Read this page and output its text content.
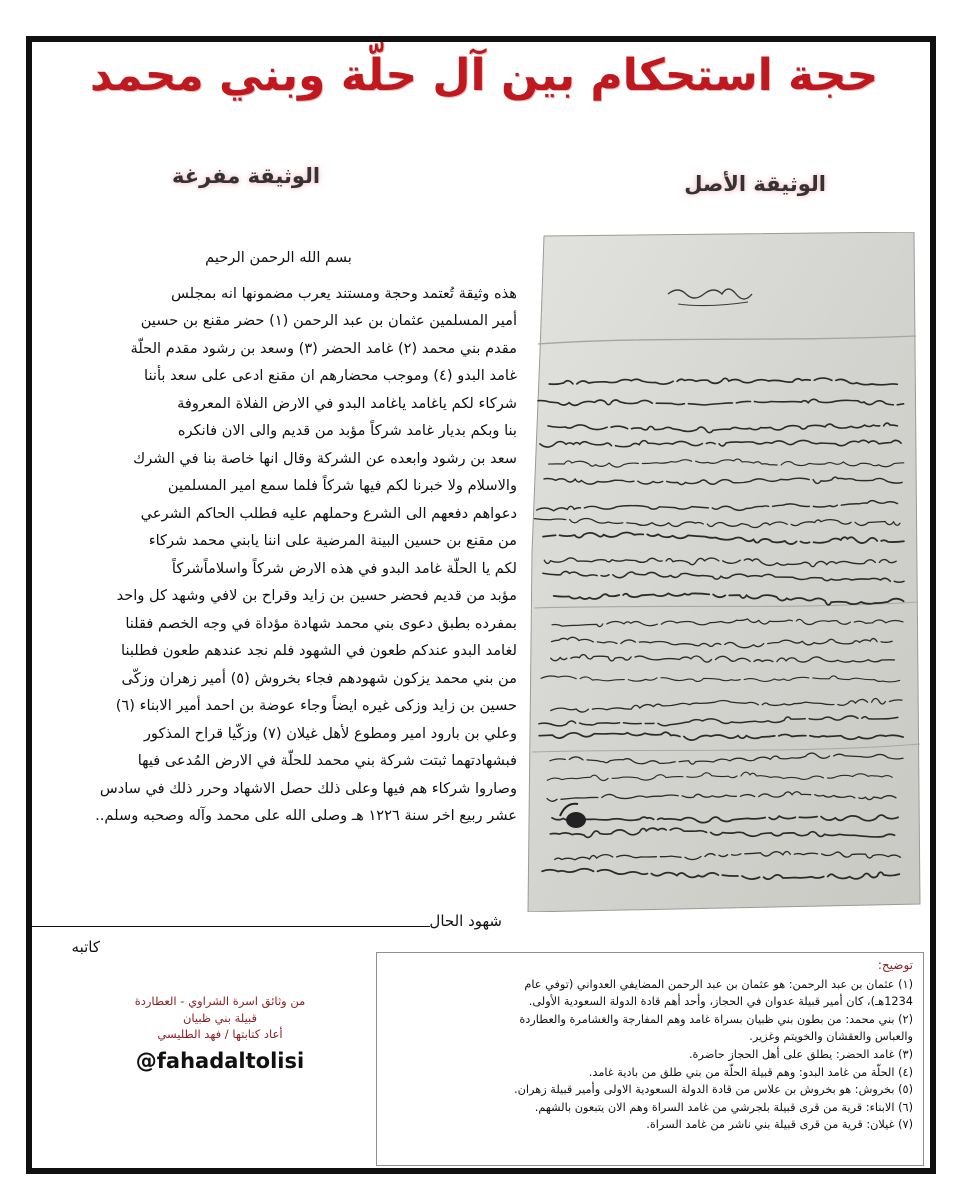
حجة استحكام بين آل حلّة وبني محمد
الوثيقة الأصل
الوثيقة مفرغة

بسم الله الرحمن الرحيم

هذه وثيقة تُعتمد وحجة ومستند يعرب مضمونها انه بمجلس

أمير المسلمين عثمان بن عبد الرحمن (١) حضر مقنع بن حسين

مقدم بني محمد (٢) غامد الحضر (٣) وسعد بن رشود مقدم الحلّة

غامد البدو (٤) وموجب محضارهم ان مقنع ادعى على سعد بأننا

شركاء لكم ياغامد ياغامد البدو في الارض الفلاة المعروفة

بنا وبكم بديار غامد شركاً مؤبد من قديم والى الان فانكره

سعد بن رشود وابعده عن الشركة وقال انها خاصة بنا في الشرك

والاسلام ولا خبرنا لكم فيها شركاً فلما سمع امير المسلمين

دعواهم دفعهم الى الشرع وحملهم عليه فطلب الحاكم الشرعي

من مقنع بن حسين البينة المرضية على اننا يابني محمد شركاء

لكم يا الحلّة غامد البدو في هذه الارض شركاً واسلاماًشركاً

مؤبد من قديم فحضر حسين بن زايد وقراح بن لافي وشهد كل واحد

بمفرده بطبق دعوى بني محمد شهادة مؤداة في وجه الخصم فقلنا

لغامد البدو عندكم طعون في الشهود فلم نجد عندهم طعون فطلبنا

من بني محمد يزكون شهودهم فجاء بخروش (٥) أمير زهران وزكّى

حسين بن زايد وزكى غيره ايضاً وجاء عوضة بن احمد أمير الابناء (٦)

وعلي بن بارود امير ومطوع لأهل غيلان (٧) وزكّيا قراح المذكور

فبشهادتهما ثبتت شركة بني محمد للحلّة في الارض المُدعى فيها

وصاروا شركاء هم فيها وعلى ذلك حصل الاشهاد وحرر ذلك في سادس

عشر ربيع اخر سنة ١٢٢٦ هـ وصلى الله على محمد وآله وصحبه وسلم..

شهود الحال
كاتبه
من وثائق اسرة الشراوي - العطاردة
قبيلة بني ظبيان
أعاد كتابتها / فهد الطليسي
@fahadaltolisi
توضيح:

(١) عثمان بن عبد الرحمن: هو عثمان بن عبد الرحمن المضايفي العدواني (توفي عام

1234هـ)، كان أمير قبيلة عدوان في الحجاز، وأحد أهم قادة الدولة السعودية الأولى.

(٢) بني محمد: من بطون بني ظبيان بسراة غامد وهم المفارجة والغشامرة والعطاردة

والعباس والعقشان والخويتم وغزير.

(٣) غامد الحضر: يطلق على أهل الحجاز حاضرة.

(٤) الحلّة من غامد البدو: وهم قبيلة الحلّة من بني طلق من بادية غامد.

(٥) بخروش: هو بخروش بن علاس من قادة الدولة السعودية الاولى وأمير قبيلة زهران.

(٦) الابناء: قرية من قرى قبيلة بلجرشي من غامد السراة وهم الان يتبعون بالشهم.

(٧) غيلان: قرية من قرى قبيلة بني ناشر من غامد السراة.
